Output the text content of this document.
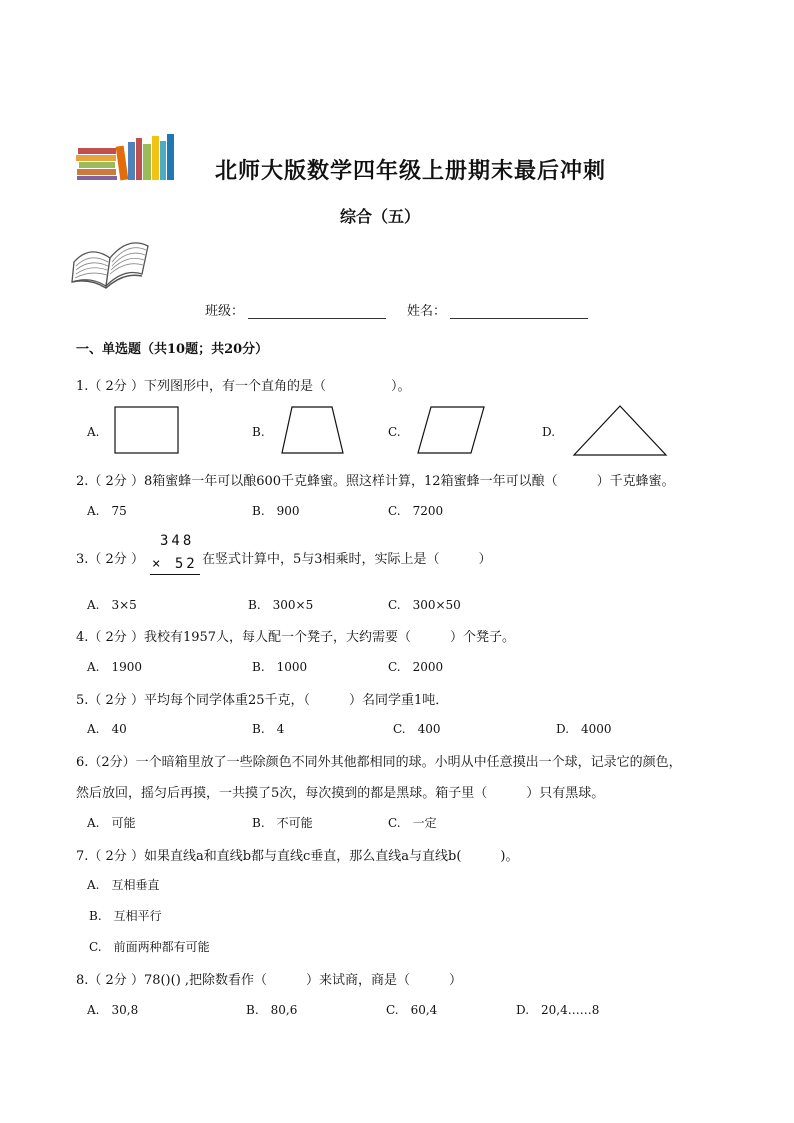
北师大版数学四年级上册期末最后冲刺
综合（五）
班级：	姓名：
一、单选题（共10题；共20分）
1.（ 2分 ）下列图形中，有一个直角的是（　　　　　）。
A.	B.	C.	D.
2.（ 2分 ）8箱蜜蜂一年可以酿600千克蜂蜜。照这样计算，12箱蜜蜂一年可以酿（　　　）千克蜂蜜。
A.　75	B.　900	C.　7200
3.（ 2分 ）
348
× 52 在竖式计算中，5与3相乘时，实际上是（　　　）
A.　3×5	B.　300×5	C.　300×50
4.（ 2分 ）我校有1957人，每人配一个凳子，大约需要（　　　）个凳子。
A.　1900	B.　1000	C.　2000
5.（ 2分 ）平均每个同学体重25千克，（　　　）名同学重1吨．
A.　40	B.　4	C.　400	D.　4000
6.（2分）一个暗箱里放了一些除颜色不同外其他都相同的球。小明从中任意摸出一个球，记录它的颜色，
然后放回，摇匀后再摸，一共摸了5次，每次摸到的都是黑球。箱子里（　　　）只有黑球。
A.　可能	B.　不可能	C.　一定
7.（ 2分 ）如果直线a和直线b都与直线c垂直，那么直线a与直线b(　　　)。
A.　互相垂直
B.　互相平行
C.　前面两种都有可能
8.（ 2分 ）78()() ,把除数看作（　　　）来试商，商是（　　　）
A.　30,8	B.　80,6	C.　60,4	D.　20,4……8
